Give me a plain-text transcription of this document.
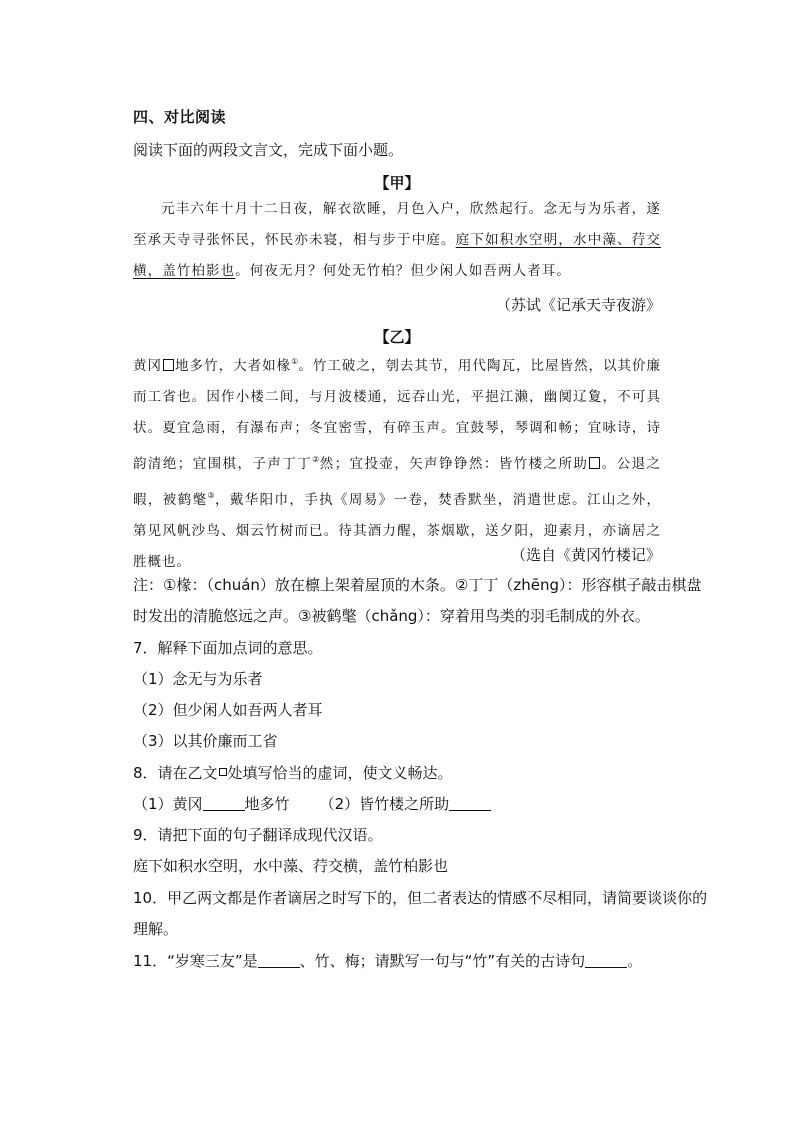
四、对比阅读
阅读下面的两段文言文，完成下面小题。
【甲】
元丰六年十月十二日夜，解衣欲睡，月色入户，欣然起行。念无与为乐者，遂至承天寺寻张怀民，怀民亦未寝，相与步于中庭。庭下如积水空明，水中藻、荇交横，盖竹柏影也。何夜无月？何处无竹柏？但少闲人如吾两人者耳。
（苏试《记承天寺夜游》
【乙】
黄冈 地多竹，大者如椽①。竹工破之，刳去其节，用代陶瓦，比屋皆然，以其价廉而工省也。因作小楼二间，与月波楼通，远吞山光，平挹江濑，幽阒辽夐，不可具状。夏宜急雨，有瀑布声；冬宜密雪，有碎玉声。宜鼓琴，琴调和畅；宜咏诗，诗韵清绝；宜围棋，子声丁丁②然；宜投壶，矢声铮铮然：皆竹楼之所助 。公退之暇，被鹤氅③，戴华阳巾，手执《周易》一卷，焚香默坐，消遣世虑。江山之外，第见风帆沙鸟、烟云竹树而已。待其酒力醒，茶烟歇，送夕阳，迎素月，亦谪居之胜概也。	（选自《黄冈竹楼记》
注：①椽：（chuán）放在檩上架着屋顶的木条。②丁丁（zhēng）：形容棋子敲击棋盘
时发出的清脆悠远之声。③被鹤氅（chǎng）：穿着用鸟类的羽毛制成的外衣。
7．解释下面加点词的意思。
（1）念无与为乐者
（2）但少闲人如吾两人者耳
（3）以其价廉而工省
8．请在乙文 处填写恰当的虚词，使文义畅达。
（1）黄冈	地多竹 （2）皆竹楼之所助
9．请把下面的句子翻译成现代汉语。
庭下如积水空明，水中藻、荇交横，盖竹柏影也
10．甲乙两文都是作者谪居之时写下的，但二者表达的情感不尽相同，请简要谈谈你的
理解。
11．“岁寒三友”是	、竹、梅；请默写一句与“竹”有关的古诗句	。
